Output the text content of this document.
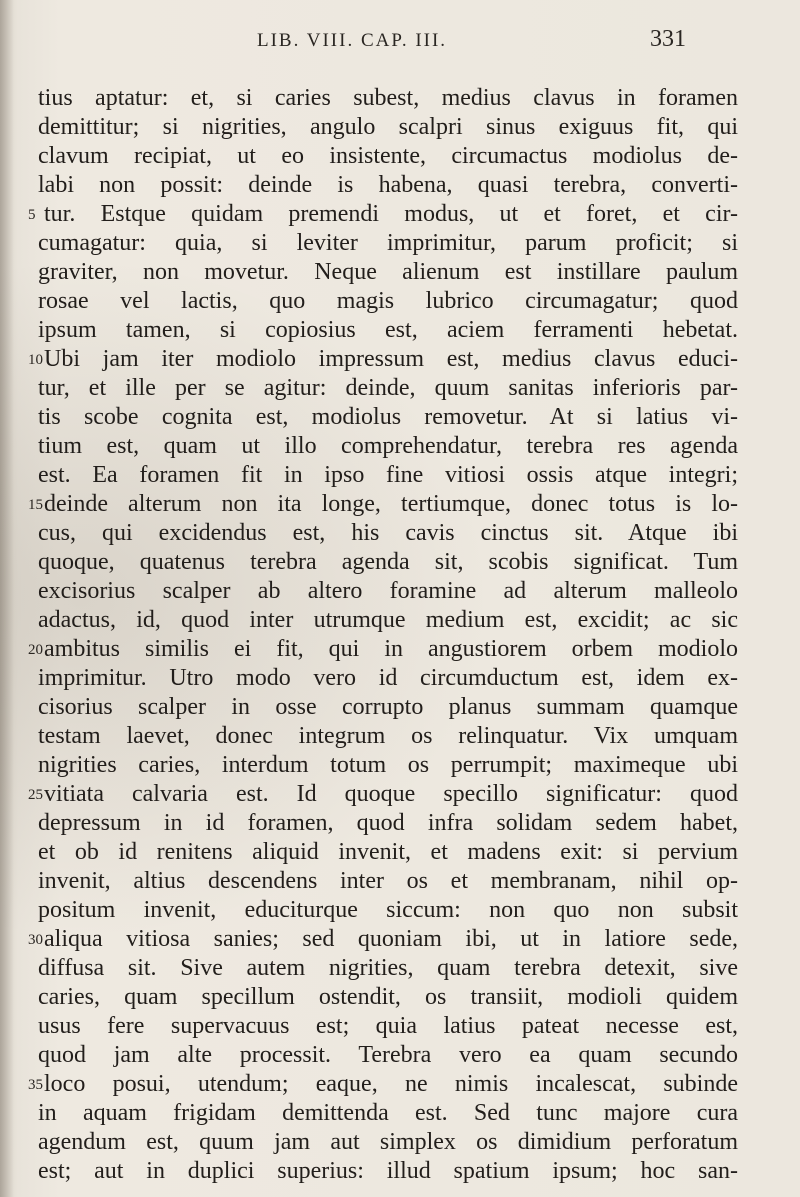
LIB. VIII. CAP. III.	331
tius aptatur: et, si caries subest, medius clavus in foramen
demittitur; si nigrities, angulo scalpri sinus exiguus fit, qui
clavum recipiat, ut eo insistente, circumactus modiolus de-
labi non possit: deinde is habena, quasi terebra, converti-
5 tur. Estque quidam premendi modus, ut et foret, et cir-
cumagatur: quia, si leviter imprimitur, parum proficit; si
graviter, non movetur. Neque alienum est instillare paulum
rosae vel lactis, quo magis lubrico circumagatur; quod
ipsum tamen, si copiosius est, aciem ferramenti hebetat.
10 Ubi jam iter modiolo impressum est, medius clavus educi-
tur, et ille per se agitur: deinde, quum sanitas inferioris par-
tis scobe cognita est, modiolus removetur. At si latius vi-
tium est, quam ut illo comprehendatur, terebra res agenda
est. Ea foramen fit in ipso fine vitiosi ossis atque integri;
15 deinde alterum non ita longe, tertiumque, donec totus is lo-
cus, qui excidendus est, his cavis cinctus sit. Atque ibi
quoque, quatenus terebra agenda sit, scobis significat. Tum
excisorius scalper ab altero foramine ad alterum malleolo
adactus, id, quod inter utrumque medium est, excidit; ac sic
20 ambitus similis ei fit, qui in angustiorem orbem modiolo
imprimitur. Utro modo vero id circumductum est, idem ex-
cisorius scalper in osse corrupto planus summam quamque
testam laevet, donec integrum os relinquatur. Vix umquam
nigrities caries, interdum totum os perrumpit; maximeque ubi
25 vitiata calvaria est. Id quoque specillo significatur: quod
depressum in id foramen, quod infra solidam sedem habet,
et ob id renitens aliquid invenit, et madens exit: si pervium
invenit, altius descendens inter os et membranam, nihil op-
positum invenit, educiturque siccum: non quo non subsit
30 aliqua vitiosa sanies; sed quoniam ibi, ut in latiore sede,
diffusa sit. Sive autem nigrities, quam terebra detexit, sive
caries, quam specillum ostendit, os transiit, modioli quidem
usus fere supervacuus est; quia latius pateat necesse est,
quod jam alte processit. Terebra vero ea quam secundo
35 loco posui, utendum; eaque, ne nimis incalescat, subinde
in aquam frigidam demittenda est. Sed tunc majore cura
agendum est, quum jam aut simplex os dimidium perforatum
est; aut in duplici superius: illud spatium ipsum; hoc san-
